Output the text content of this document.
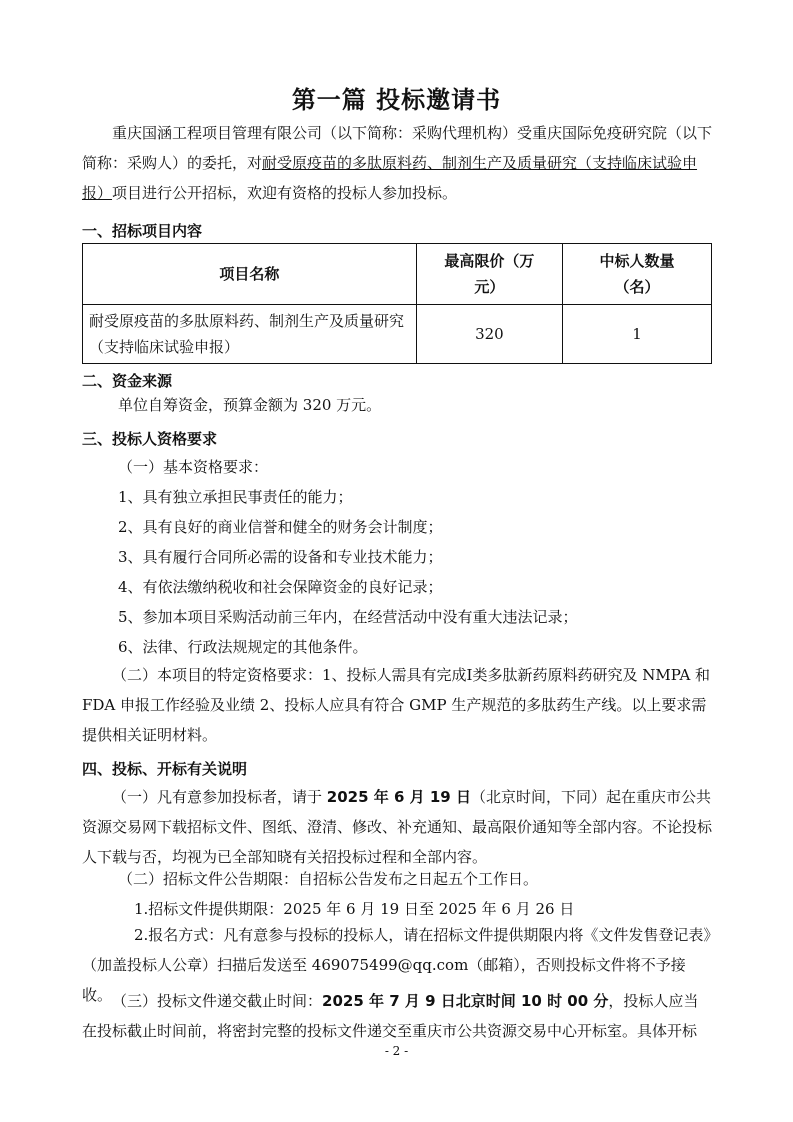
第一篇 投标邀请书

重庆国涵工程项目管理有限公司（以下简称：采购代理机构）受重庆国际免疫研究院（以下简称：采购人）的委托，对耐受原疫苗的多肽原料药、制剂生产及质量研究（支持临床试验申报）项目进行公开招标，欢迎有资格的投标人参加投标。

一、招标项目内容
项目名称	最高限价（万元）	中标人数量（名）
耐受原疫苗的多肽原料药、制剂生产及质量研究（支持临床试验申报）	320	1
二、资金来源
单位自筹资金，预算金额为 320 万元。
三、投标人资格要求
（一）基本资格要求：
1、具有独立承担民事责任的能力；
2、具有良好的商业信誉和健全的财务会计制度；
3、具有履行合同所必需的设备和专业技术能力；
4、有依法缴纳税收和社会保障资金的良好记录；
5、参加本项目采购活动前三年内，在经营活动中没有重大违法记录；
6、法律、行政法规规定的其他条件。

（二）本项目的特定资格要求：1、投标人需具有完成Ⅰ类多肽新药原料药研究及 NMPA 和 FDA 申报工作经验及业绩 2、投标人应具有符合 GMP 生产规范的多肽药生产线。以上要求需提供相关证明材料。

四、投标、开标有关说明

（一）凡有意参加投标者，请于 2025 年 6 月 19 日（北京时间，下同）起在重庆市公共资源交易网下载招标文件、图纸、澄清、修改、补充通知、最高限价通知等全部内容。不论投标人下载与否，均视为已全部知晓有关招投标过程和全部内容。

（二）招标文件公告期限：自招标公告发布之日起五个工作日。
1.招标文件提供期限：2025 年 6 月 19 日至 2025 年 6 月 26 日

2.报名方式：凡有意参与投标的投标人，请在招标文件提供期限内将《文件发售登记表》（加盖投标人公章）扫描后发送至 469075499@qq.com（邮箱），否则投标文件将不予接收。 （三）投标文件递交截止时间：2025 年 7 月 9 日北京时间 10 时 00 分，投标人应当在投标截止时间前，将密封完整的投标文件递交至重庆市公共资源交易中心开标室。具体开标

- 2 -
